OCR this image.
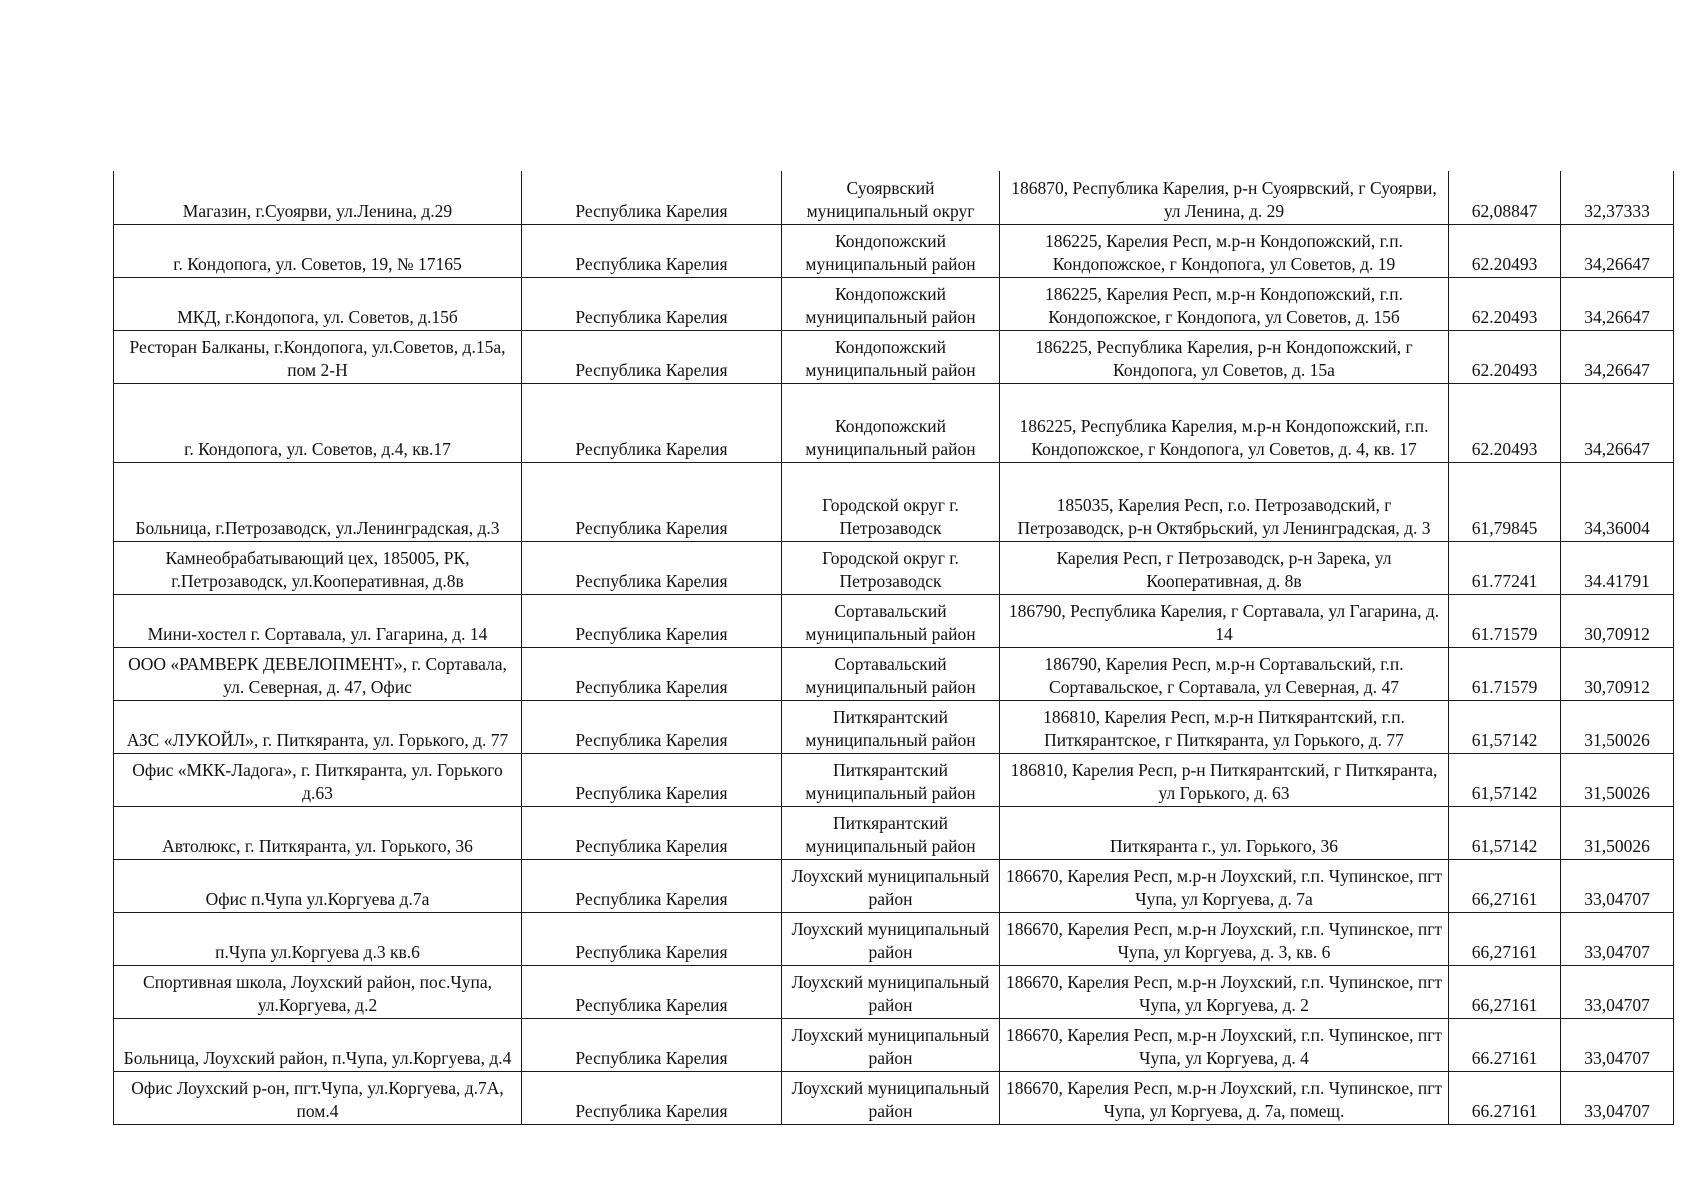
Магазин, г.Суоярви, ул.Ленина, д.29	Республика Карелия	Суоярвский муниципальный округ	186870, Республика Карелия, р-н Суоярвский, г Суоярви, ул Ленина, д. 29	62,08847	32,37333
г. Кондопога, ул. Советов, 19, № 17165	Республика Карелия	Кондопожский муниципальный район	186225, Карелия Респ, м.р-н Кондопожский, г.п. Кондопожское, г Кондопога, ул Советов, д. 19	62.20493	34,26647
МКД, г.Кондопога, ул. Советов, д.15б	Республика Карелия	Кондопожский муниципальный район	186225, Карелия Респ, м.р-н Кондопожский, г.п. Кондопожское, г Кондопога, ул Советов, д. 15б	62.20493	34,26647
Ресторан Балканы, г.Кондопога, ул.Советов, д.15а, пом 2-Н	Республика Карелия	Кондопожский муниципальный район	186225, Республика Карелия, р-н Кондопожский, г Кондопога, ул Советов, д. 15а	62.20493	34,26647
г. Кондопога, ул. Советов, д.4, кв.17	Республика Карелия	Кондопожский муниципальный район	186225, Республика Карелия, м.р-н Кондопожский, г.п. Кондопожское, г Кондопога, ул Советов, д. 4, кв. 17	62.20493	34,26647
Больница, г.Петрозаводск, ул.Ленинградская, д.3	Республика Карелия	Городской округ г. Петрозаводск	185035, Карелия Респ, г.о. Петрозаводский, г Петрозаводск, р-н Октябрьский, ул Ленинградская, д. 3	61,79845	34,36004
Камнеобрабатывающий цех, 185005, РК, г.Петрозаводск, ул.Кооперативная, д.8в	Республика Карелия	Городской округ г. Петрозаводск	Карелия Респ, г Петрозаводск, р-н Зарека, ул Кооперативная, д. 8в	61.77241	34.41791
Мини-хостел г. Сортавала, ул. Гагарина, д. 14	Республика Карелия	Сортавальский муниципальный район	186790, Республика Карелия, г Сортавала, ул Гагарина, д. 14	61.71579	30,70912
ООО «РАМВЕРК ДЕВЕЛОПМЕНТ», г. Сортавала, ул. Северная, д. 47, Офис	Республика Карелия	Сортавальский муниципальный район	186790, Карелия Респ, м.р-н Сортавальский, г.п. Сортавальское, г Сортавала, ул Северная, д. 47	61.71579	30,70912
АЗС «ЛУКОЙЛ», г. Питкяранта, ул. Горького, д. 77	Республика Карелия	Питкярантский муниципальный район	186810, Карелия Респ, м.р-н Питкярантский, г.п. Питкярантское, г Питкяранта, ул Горького, д. 77	61,57142	31,50026
Офис «МКК-Ладога», г. Питкяранта, ул. Горького д.63	Республика Карелия	Питкярантский муниципальный район	186810, Карелия Респ, р-н Питкярантский, г Питкяранта, ул Горького, д. 63	61,57142	31,50026
Автолюкс, г. Питкяранта, ул. Горького, 36	Республика Карелия	Питкярантский муниципальный район	Питкяранта г., ул. Горького, 36	61,57142	31,50026
Офис п.Чупа ул.Коргуева д.7а	Республика Карелия	Лоухский муниципальный район	186670, Карелия Респ, м.р-н Лоухский, г.п. Чупинское, пгт Чупа, ул Коргуева, д. 7а	66,27161	33,04707
п.Чупа ул.Коргуева д.3 кв.6	Республика Карелия	Лоухский муниципальный район	186670, Карелия Респ, м.р-н Лоухский, г.п. Чупинское, пгт Чупа, ул Коргуева, д. 3, кв. 6	66,27161	33,04707
Спортивная школа, Лоухский район, пос.Чупа, ул.Коргуева, д.2	Республика Карелия	Лоухский муниципальный район	186670, Карелия Респ, м.р-н Лоухский, г.п. Чупинское, пгт Чупа, ул Коргуева, д. 2	66,27161	33,04707
Больница, Лоухский район, п.Чупа, ул.Коргуева, д.4	Республика Карелия	Лоухский муниципальный район	186670, Карелия Респ, м.р-н Лоухский, г.п. Чупинское, пгт Чупа, ул Коргуева, д. 4	66.27161	33,04707
Офис Лоухский р-он, пгт.Чупа, ул.Коргуева, д.7А, пом.4	Республика Карелия	Лоухский муниципальный район	186670, Карелия Респ, м.р-н Лоухский, г.п. Чупинское, пгт Чупа, ул Коргуева, д. 7а, помещ.	66.27161	33,04707
